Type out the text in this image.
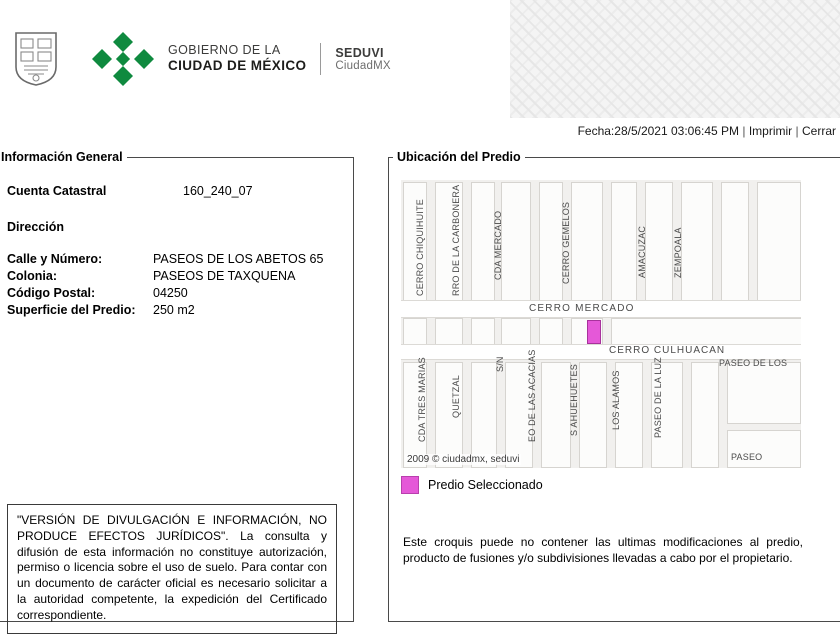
GOBIERNO DE LA
CIUDAD DE MÉXICO
SEDUVI
CiudadMX
Fecha:28/5/2021 03:06:45 PM | Imprimir | Cerrar
Información General
Cuenta Catastral	160_240_07
Dirección
Calle y Número:	PASEOS DE LOS ABETOS 65
Colonia:	PASEOS DE TAXQUENA
Código Postal:	04250
Superficie del Predio:	250 m2
"VERSIÓN DE DIVULGACIÓN E INFORMACIÓN, NO PRODUCE EFECTOS JURÍDICOS". La consulta y difusión de esta información no constituye autorización, permiso o licencia sobre el uso de suelo. Para contar con un documento de carácter oficial es necesario solicitar a la autoridad competente, la expedición del Certificado correspondiente.
Ubicación del Predio
CERRO CHIQUIHUITE	RRO DE LA CARBONERA	CDA MERCADO	CERRO GEMELOS	AMACUZAC	ZEMPOALA
CERRO MERCADO
CERRO CULHUACAN
CDA TRES MARIAS	QUETZAL
S/N EO DE LAS ACACIAS	S AHUEHUETES	LOS ALAMOS	PASEO DE LA LUZ	PASEO DE LOS
PASEO
2009 © ciudadmx, seduvi
Predio Seleccionado
Este croquis puede no contener las ultimas modificaciones al predio, producto de fusiones y/o subdivisiones llevadas a cabo por el propietario.
